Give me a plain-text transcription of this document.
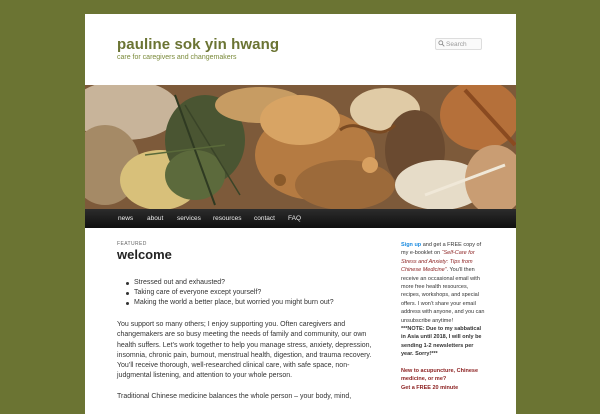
pauline sok yin hwang
care for caregivers and changemakers
Search
news about services resources contact FAQ
FEATURED
welcome
Stressed out and exhausted?
Taking care of everyone except yourself?
Making the world a better place, but worried you might burn out?

You support so many others; I enjoy supporting you. Often caregivers and changemakers are so busy meeting the needs of family and community, our own health suffers. Let’s work together to help you manage stress, anxiety, depression, insomnia, chronic pain, burnout, menstrual health, digestion, and trauma recovery. You’ll receive thorough, well-researched clinical care, with safe space, non-judgmental listening, and attention to your whole person.

Traditional Chinese medicine balances the whole person – your body, mind,

Sign up and get a FREE copy of my e-booklet on “Self-Care for Stress and Anxiety: Tips from Chinese Medicine”. You’ll then receive an occasional email with more free health resources, recipes, workshops, and special offers. I won’t share your email address with anyone, and you can unsubscribe anytime!

***NOTE: Due to my sabbatical in Asia until 2018, I will only be sending 1-2 newsletters per year. Sorry!***

New to acupuncture, Chinese medicine, or me?

Get a FREE 20 minute
